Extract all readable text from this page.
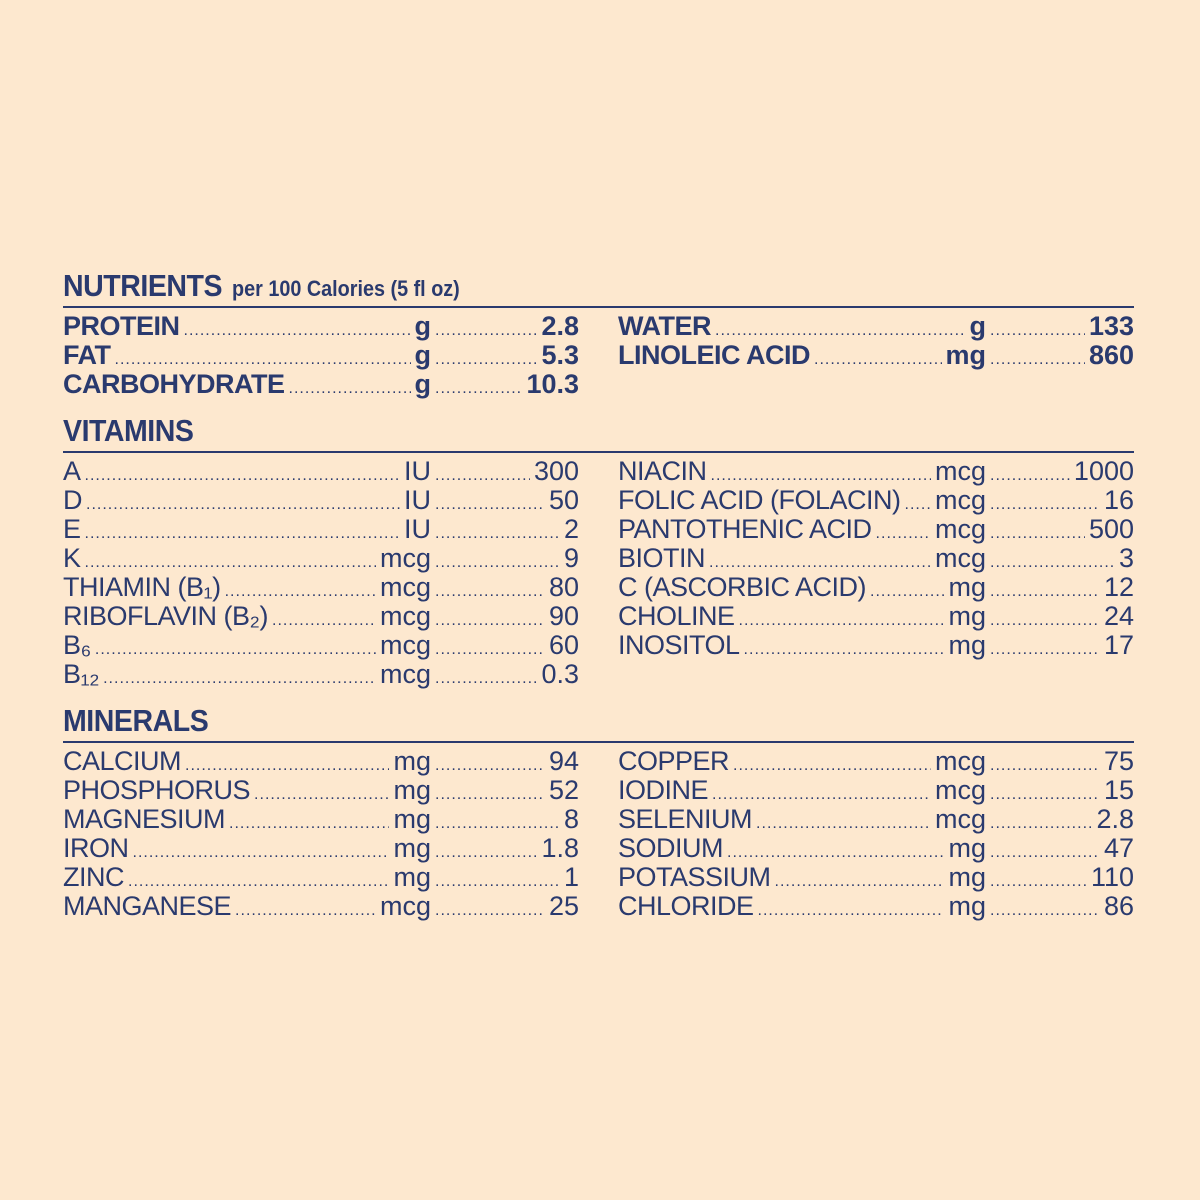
NUTRIENTS per 100 Calories (5 fl oz)
PROTEIN .....	g .....	2.8
FAT .....	g .....	5.3
CARBOHYDRATE .....	g .....	10.3
WATER .....	g .....	133
LINOLEIC ACID .....	mg .....	860
VITAMINS
A .....	IU .....	300
D .....	IU .....	50
E .....	IU .....	2
K .....	mcg .....	9
THIAMIN (B₁) .....	mcg .....	80
RIBOFLAVIN (B₂) .....	mcg .....	90
B₆ .....	mcg .....	60
B₁₂ .....	mcg .....	0.3
NIACIN .....	mcg .....	1000
FOLIC ACID (FOLACIN) ..... mcg .....	16
PANTOTHENIC ACID ..... mcg .....	500
BIOTIN .....	mcg .....	3
C (ASCORBIC ACID) .....	mg .....	12
CHOLINE .....	mg .....	24
INOSITOL .....	mg .....	17
MINERALS
CALCIUM .....	mg .....	94
PHOSPHORUS .....	mg .....	52
MAGNESIUM .....	mg .....	8
IRON .....	mg .....	1.8
ZINC .....	mg .....	1
MANGANESE .....	mcg .....	25
COPPER .....	mcg .....	75
IODINE .....	mcg .....	15
SELENIUM .....	mcg .....	2.8
SODIUM .....	mg .....	47
POTASSIUM .....	mg .....	110
CHLORIDE .....	mg .....	86
